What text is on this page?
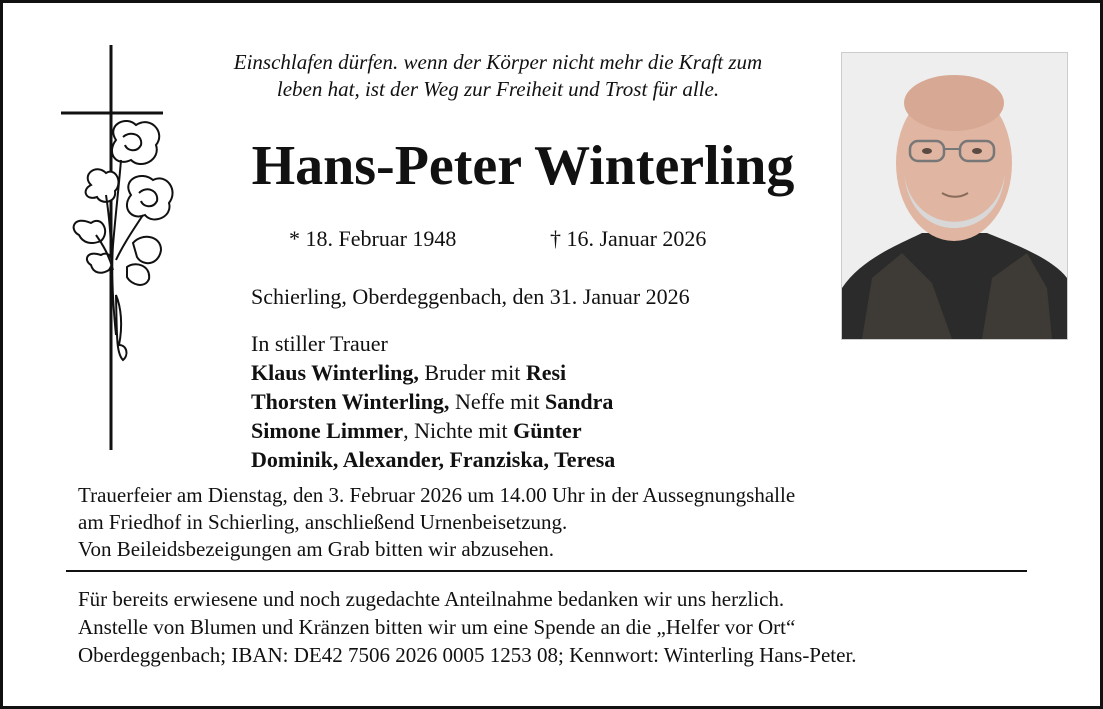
Einschlafen dürfen. wenn der Körper nicht mehr die Kraft zum
leben hat, ist der Weg zur Freiheit und Trost für alle.
Hans-Peter Winterling
* 18. Februar 1948	† 16. Januar 2026
Schierling, Oberdeggenbach, den 31. Januar 2026
In stiller Trauer
Klaus Winterling, Bruder mit Resi
Thorsten Winterling, Neffe mit Sandra
Simone Limmer, Nichte mit Günter
Dominik, Alexander, Franziska, Teresa
Trauerfeier am Dienstag, den 3. Februar 2026 um 14.00 Uhr in der Aussegnungshalle
am Friedhof in Schierling, anschließend Urnenbeisetzung.
Von Beileidsbezeigungen am Grab bitten wir abzusehen.
Für bereits erwiesene und noch zugedachte Anteilnahme bedanken wir uns herzlich.
Anstelle von Blumen und Kränzen bitten wir um eine Spende an die „Helfer vor Ort“
Oberdeggenbach; IBAN: DE42 7506 2026 0005 1253 08; Kennwort: Winterling Hans-Peter.
